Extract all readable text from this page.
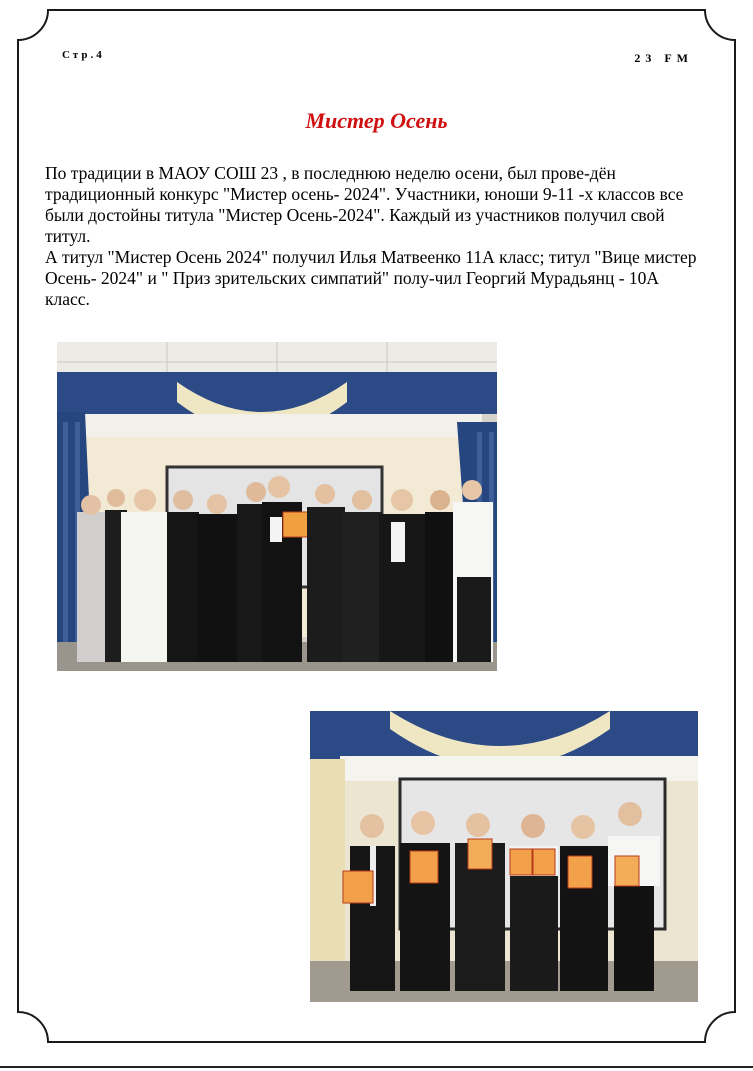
Стр.4	23 FM
Мистер Осень

По традиции в МАОУ СОШ 23 , в последнюю неделю осени, был прове-дён традиционный конкурс "Мистер осень- 2024". Участники, юноши 9-11 -х классов все были достойны титула "Мистер Осень-2024". Каждый из участников получил свой титул.

А титул "Мистер Осень 2024" получил Илья Матвеенко 11А класс; титул "Вице мистер Осень- 2024" и " Приз зрительских симпатий" полу-чил Георгий Мурадьянц - 10А класс.
